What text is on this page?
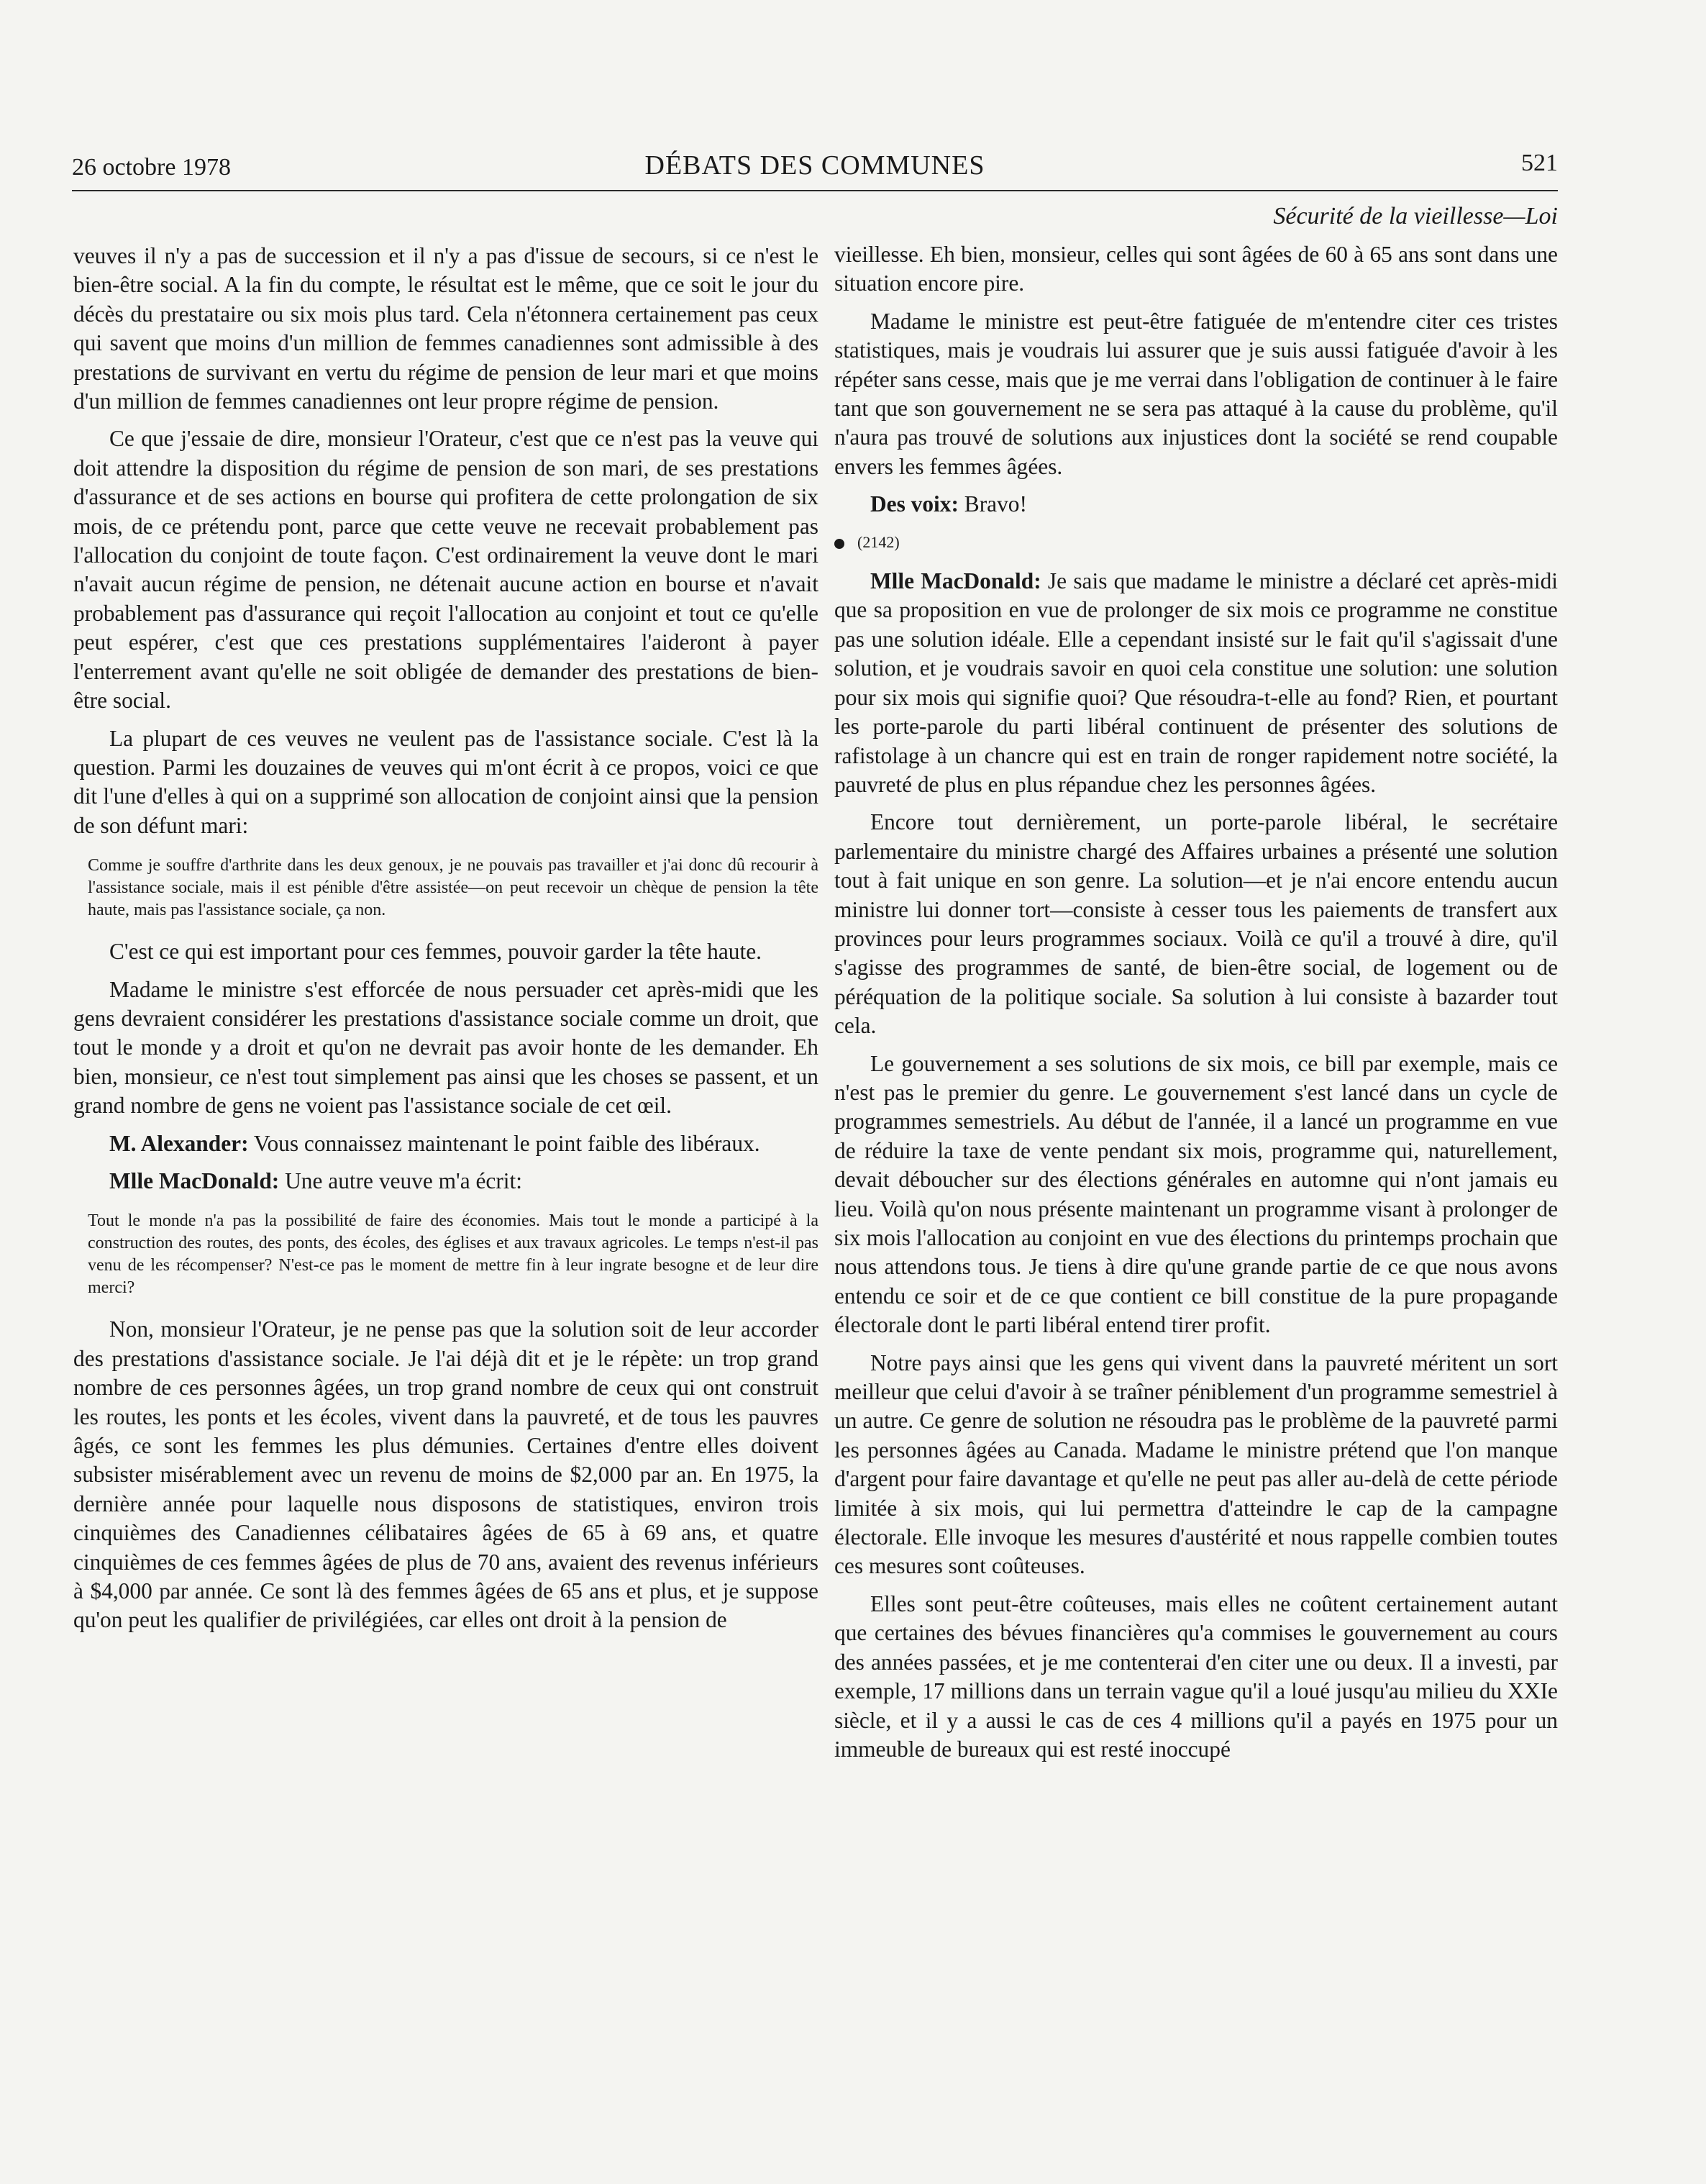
26 octobre 1978	DÉBATS DES COMMUNES	521
Sécurité de la vieillesse—Loi

veuves il n'y a pas de succession et il n'y a pas d'issue de secours, si ce n'est le bien-être social. A la fin du compte, le résultat est le même, que ce soit le jour du décès du prestataire ou six mois plus tard. Cela n'étonnera certainement pas ceux qui savent que moins d'un million de femmes canadiennes sont admissible à des prestations de survivant en vertu du régime de pension de leur mari et que moins d'un million de femmes canadiennes ont leur propre régime de pension.

Ce que j'essaie de dire, monsieur l'Orateur, c'est que ce n'est pas la veuve qui doit attendre la disposition du régime de pension de son mari, de ses prestations d'assurance et de ses actions en bourse qui profitera de cette prolongation de six mois, de ce prétendu pont, parce que cette veuve ne recevait probablement pas l'allocation du conjoint de toute façon. C'est ordinairement la veuve dont le mari n'avait aucun régime de pension, ne détenait aucune action en bourse et n'avait probablement pas d'assurance qui reçoit l'allocation au conjoint et tout ce qu'elle peut espérer, c'est que ces prestations supplémentaires l'aideront à payer l'enterrement avant qu'elle ne soit obligée de demander des prestations de bien-être social.

La plupart de ces veuves ne veulent pas de l'assistance sociale. C'est là la question. Parmi les douzaines de veuves qui m'ont écrit à ce propos, voici ce que dit l'une d'elles à qui on a supprimé son allocation de conjoint ainsi que la pension de son défunt mari:

Comme je souffre d'arthrite dans les deux genoux, je ne pouvais pas travailler et j'ai donc dû recourir à l'assistance sociale, mais il est pénible d'être assistée—on peut recevoir un chèque de pension la tête haute, mais pas l'assistance sociale, ça non.

C'est ce qui est important pour ces femmes, pouvoir garder la tête haute.

Madame le ministre s'est efforcée de nous persuader cet après-midi que les gens devraient considérer les prestations d'assistance sociale comme un droit, que tout le monde y a droit et qu'on ne devrait pas avoir honte de les demander. Eh bien, monsieur, ce n'est tout simplement pas ainsi que les choses se passent, et un grand nombre de gens ne voient pas l'assistance sociale de cet œil.

M. Alexander: Vous connaissez maintenant le point faible des libéraux.

Mlle MacDonald: Une autre veuve m'a écrit:

Tout le monde n'a pas la possibilité de faire des économies. Mais tout le monde a participé à la construction des routes, des ponts, des écoles, des églises et aux travaux agricoles. Le temps n'est-il pas venu de les récompenser? N'est-ce pas le moment de mettre fin à leur ingrate besogne et de leur dire merci?

Non, monsieur l'Orateur, je ne pense pas que la solution soit de leur accorder des prestations d'assistance sociale. Je l'ai déjà dit et je le répète: un trop grand nombre de ces personnes âgées, un trop grand nombre de ceux qui ont construit les routes, les ponts et les écoles, vivent dans la pauvreté, et de tous les pauvres âgés, ce sont les femmes les plus démunies. Certaines d'entre elles doivent subsister misérablement avec un revenu de moins de $2,000 par an. En 1975, la dernière année pour laquelle nous disposons de statistiques, environ trois cinquièmes des Canadiennes célibataires âgées de 65 à 69 ans, et quatre cinquièmes de ces femmes âgées de plus de 70 ans, avaient des revenus inférieurs à $4,000 par année. Ce sont là des femmes âgées de 65 ans et plus, et je suppose qu'on peut les qualifier de privilégiées, car elles ont droit à la pension de

vieillesse. Eh bien, monsieur, celles qui sont âgées de 60 à 65 ans sont dans une situation encore pire.

Madame le ministre est peut-être fatiguée de m'entendre citer ces tristes statistiques, mais je voudrais lui assurer que je suis aussi fatiguée d'avoir à les répéter sans cesse, mais que je me verrai dans l'obligation de continuer à le faire tant que son gouvernement ne se sera pas attaqué à la cause du problème, qu'il n'aura pas trouvé de solutions aux injustices dont la société se rend coupable envers les femmes âgées.

Des voix: Bravo!

(2142)

Mlle MacDonald: Je sais que madame le ministre a déclaré cet après-midi que sa proposition en vue de prolonger de six mois ce programme ne constitue pas une solution idéale. Elle a cependant insisté sur le fait qu'il s'agissait d'une solution, et je voudrais savoir en quoi cela constitue une solution: une solution pour six mois qui signifie quoi? Que résoudra-t-elle au fond? Rien, et pourtant les porte-parole du parti libéral continuent de présenter des solutions de rafistolage à un chancre qui est en train de ronger rapidement notre société, la pauvreté de plus en plus répandue chez les personnes âgées.

Encore tout dernièrement, un porte-parole libéral, le secrétaire parlementaire du ministre chargé des Affaires urbaines a présenté une solution tout à fait unique en son genre. La solution—et je n'ai encore entendu aucun ministre lui donner tort—consiste à cesser tous les paiements de transfert aux provinces pour leurs programmes sociaux. Voilà ce qu'il a trouvé à dire, qu'il s'agisse des programmes de santé, de bien-être social, de logement ou de péréquation de la politique sociale. Sa solution à lui consiste à bazarder tout cela.

Le gouvernement a ses solutions de six mois, ce bill par exemple, mais ce n'est pas le premier du genre. Le gouvernement s'est lancé dans un cycle de programmes semestriels. Au début de l'année, il a lancé un programme en vue de réduire la taxe de vente pendant six mois, programme qui, naturellement, devait déboucher sur des élections générales en automne qui n'ont jamais eu lieu. Voilà qu'on nous présente maintenant un programme visant à prolonger de six mois l'allocation au conjoint en vue des élections du printemps prochain que nous attendons tous. Je tiens à dire qu'une grande partie de ce que nous avons entendu ce soir et de ce que contient ce bill constitue de la pure propagande électorale dont le parti libéral entend tirer profit.

Notre pays ainsi que les gens qui vivent dans la pauvreté méritent un sort meilleur que celui d'avoir à se traîner péniblement d'un programme semestriel à un autre. Ce genre de solution ne résoudra pas le problème de la pauvreté parmi les personnes âgées au Canada. Madame le ministre prétend que l'on manque d'argent pour faire davantage et qu'elle ne peut pas aller au-delà de cette période limitée à six mois, qui lui permettra d'atteindre le cap de la campagne électorale. Elle invoque les mesures d'austérité et nous rappelle combien toutes ces mesures sont coûteuses.

Elles sont peut-être coûteuses, mais elles ne coûtent certainement autant que certaines des bévues financières qu'a commises le gouvernement au cours des années passées, et je me contenterai d'en citer une ou deux. Il a investi, par exemple, 17 millions dans un terrain vague qu'il a loué jusqu'au milieu du XXIe siècle, et il y a aussi le cas de ces 4 millions qu'il a payés en 1975 pour un immeuble de bureaux qui est resté inoccupé
